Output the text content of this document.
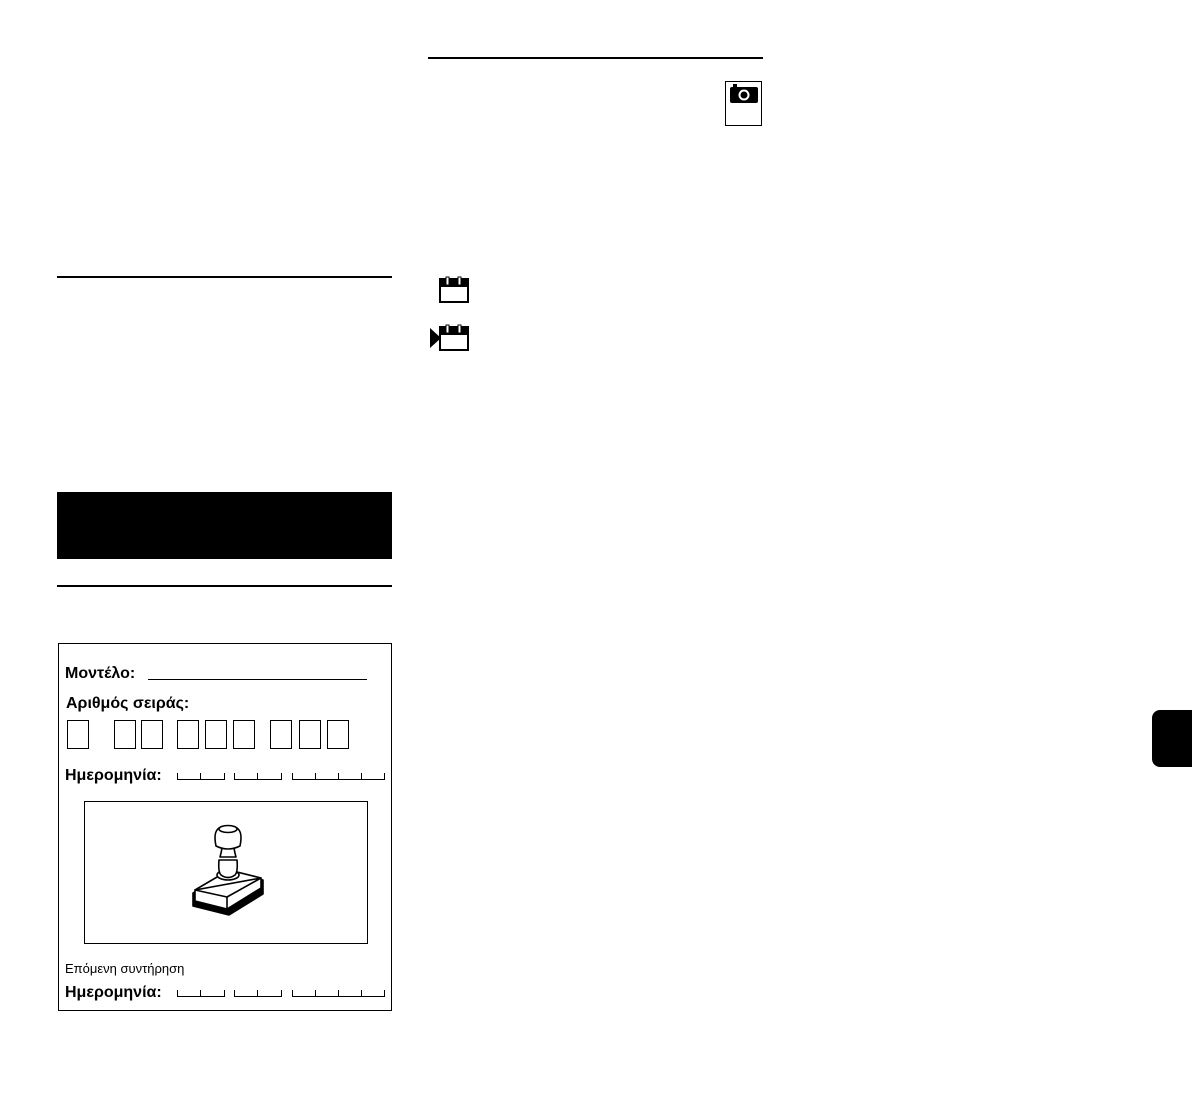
Μοντέλο:
Αριθμός σειράς:
Ημερομηνία:
Επόμενη συντήρηση
Ημερομηνία:
